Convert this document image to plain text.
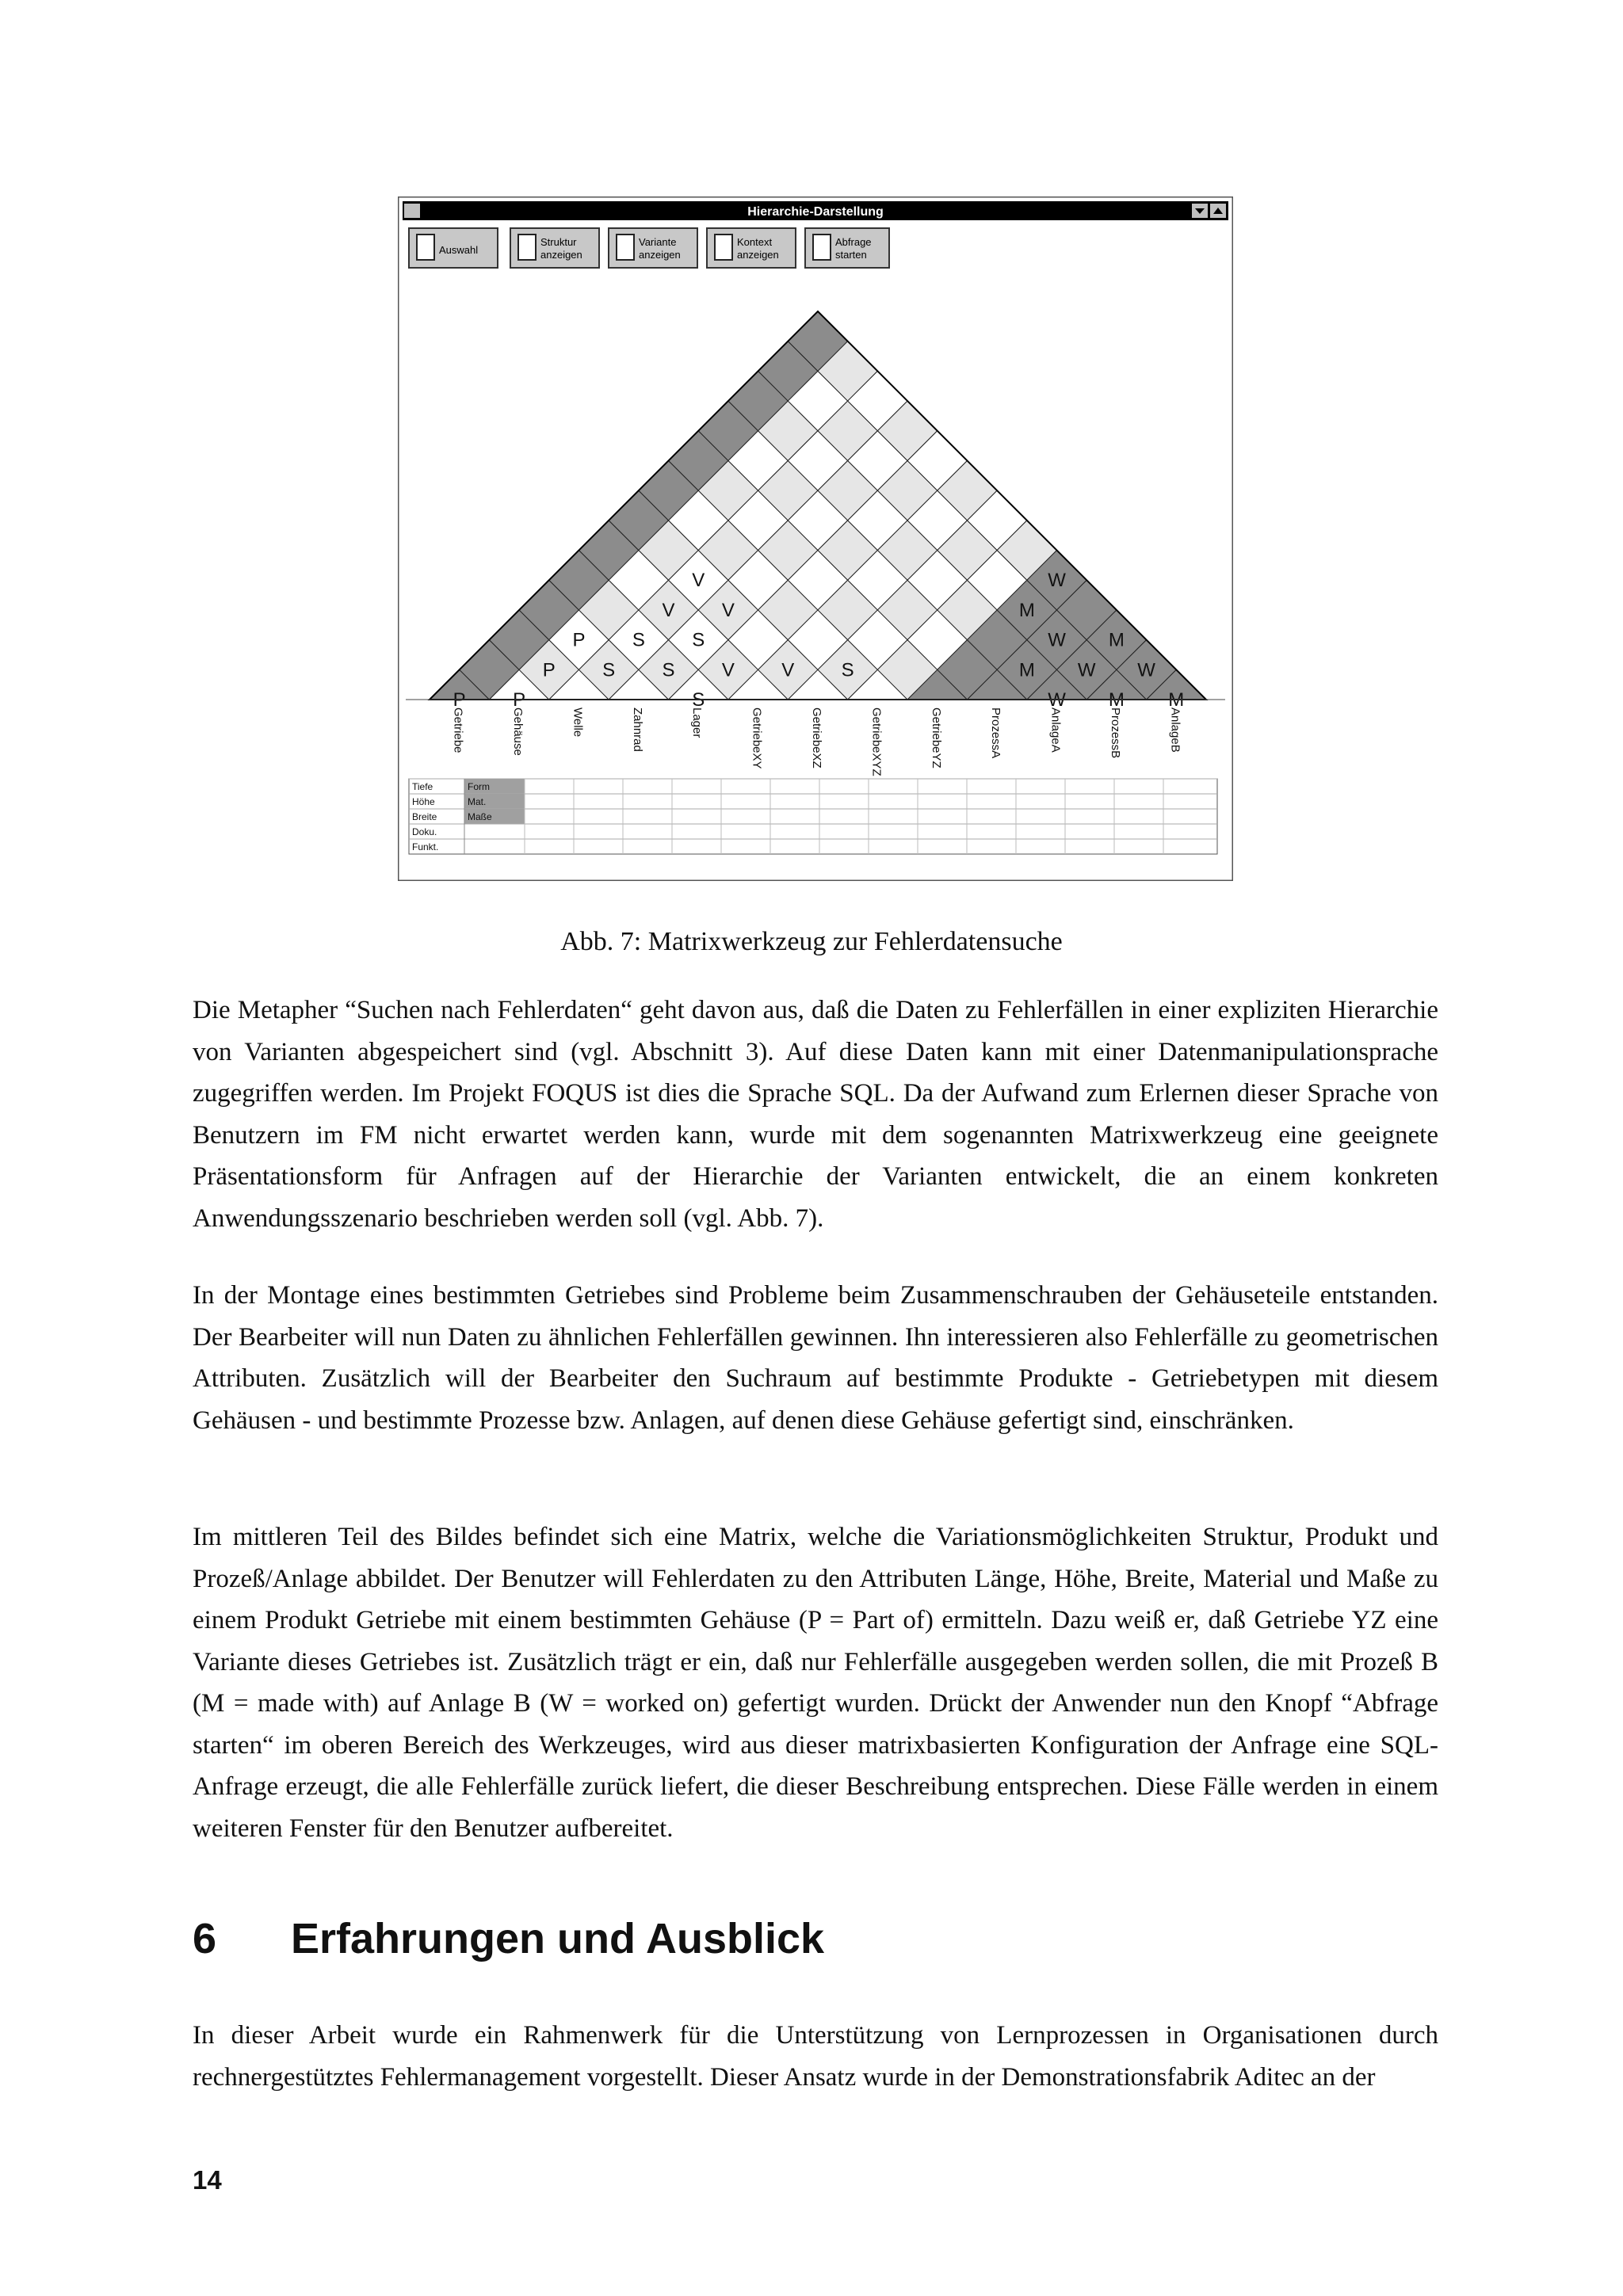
Hierarchie-Darstellung
Auswahl
Struktur
anzeigen
Variante
anzeigen
Kontext
anzeigen
Abfrage
starten
P P
P
P
S
S
V
V
S
S
V
S
V V S
M
W
M
W
W
W
M
M
W
M
Getriebe	Gehäuse	Welle	Zahnrad	Lager	GetriebeXY	GetriebeXZ	GetriebeXYZ	GetriebeYZ	ProzessA	AnlageA	ProzessB	AnlageB
Tiefe	Form
Höhe	Mat.
Breite	Maße
Doku.
Funkt.
Abb. 7: Matrixwerkzeug zur Fehlerdatensuche

Die Metapher “Suchen nach Fehlerdaten“ geht davon aus, daß die Daten zu Fehlerfällen in einer expliziten Hierarchie von Varianten abgespeichert sind (vgl. Abschnitt 3). Auf diese Daten kann mit einer Datenmanipulationsprache zugegriffen werden. Im Projekt FOQUS ist dies die Sprache SQL. Da der Aufwand zum Erlernen dieser Sprache von Benutzern im FM nicht erwartet werden kann, wurde mit dem sogenannten Matrixwerkzeug eine geeignete Präsentationsform für Anfragen auf der Hierarchie der Varianten entwickelt, die an einem konkreten Anwendungsszenario beschrieben werden soll (vgl. Abb. 7).

In der Montage eines bestimmten Getriebes sind Probleme beim Zusammenschrauben der Gehäuseteile entstanden. Der Bearbeiter will nun Daten zu ähnlichen Fehlerfällen gewinnen. Ihn interessieren also Fehlerfälle zu geometrischen Attributen. Zusätzlich will der Bearbeiter den Suchraum auf bestimmte Produkte - Getriebetypen mit diesem Gehäusen - und bestimmte Prozesse bzw. Anlagen, auf denen diese Gehäuse gefertigt sind, einschränken.

Im mittleren Teil des Bildes befindet sich eine Matrix, welche die Variationsmöglichkeiten Struktur, Produkt und Prozeß/Anlage abbildet. Der Benutzer will Fehlerdaten zu den Attributen Länge, Höhe, Breite, Material und Maße zu einem Produkt Getriebe mit einem bestimmten Gehäuse (P = Part of) ermitteln. Dazu weiß er, daß Getriebe YZ eine Variante dieses Getriebes ist. Zusätzlich trägt er ein, daß nur Fehlerfälle ausgegeben werden sollen, die mit Prozeß B (M = made with) auf Anlage B (W = worked on) gefertigt wurden. Drückt der Anwender nun den Knopf “Abfrage starten“ im oberen Bereich des Werkzeuges, wird aus dieser matrixbasierten Konfiguration der Anfrage eine SQL-Anfrage erzeugt, die alle Fehlerfälle zurück liefert, die dieser Beschreibung entsprechen. Diese Fälle werden in einem weiteren Fenster für den Benutzer aufbereitet.

6 Erfahrungen und Ausblick

In dieser Arbeit wurde ein Rahmenwerk für die Unterstützung von Lernprozessen in Organisationen durch rechnergestütztes Fehlermanagement vorgestellt. Dieser Ansatz wurde in der Demonstrationsfabrik Aditec an der

14
